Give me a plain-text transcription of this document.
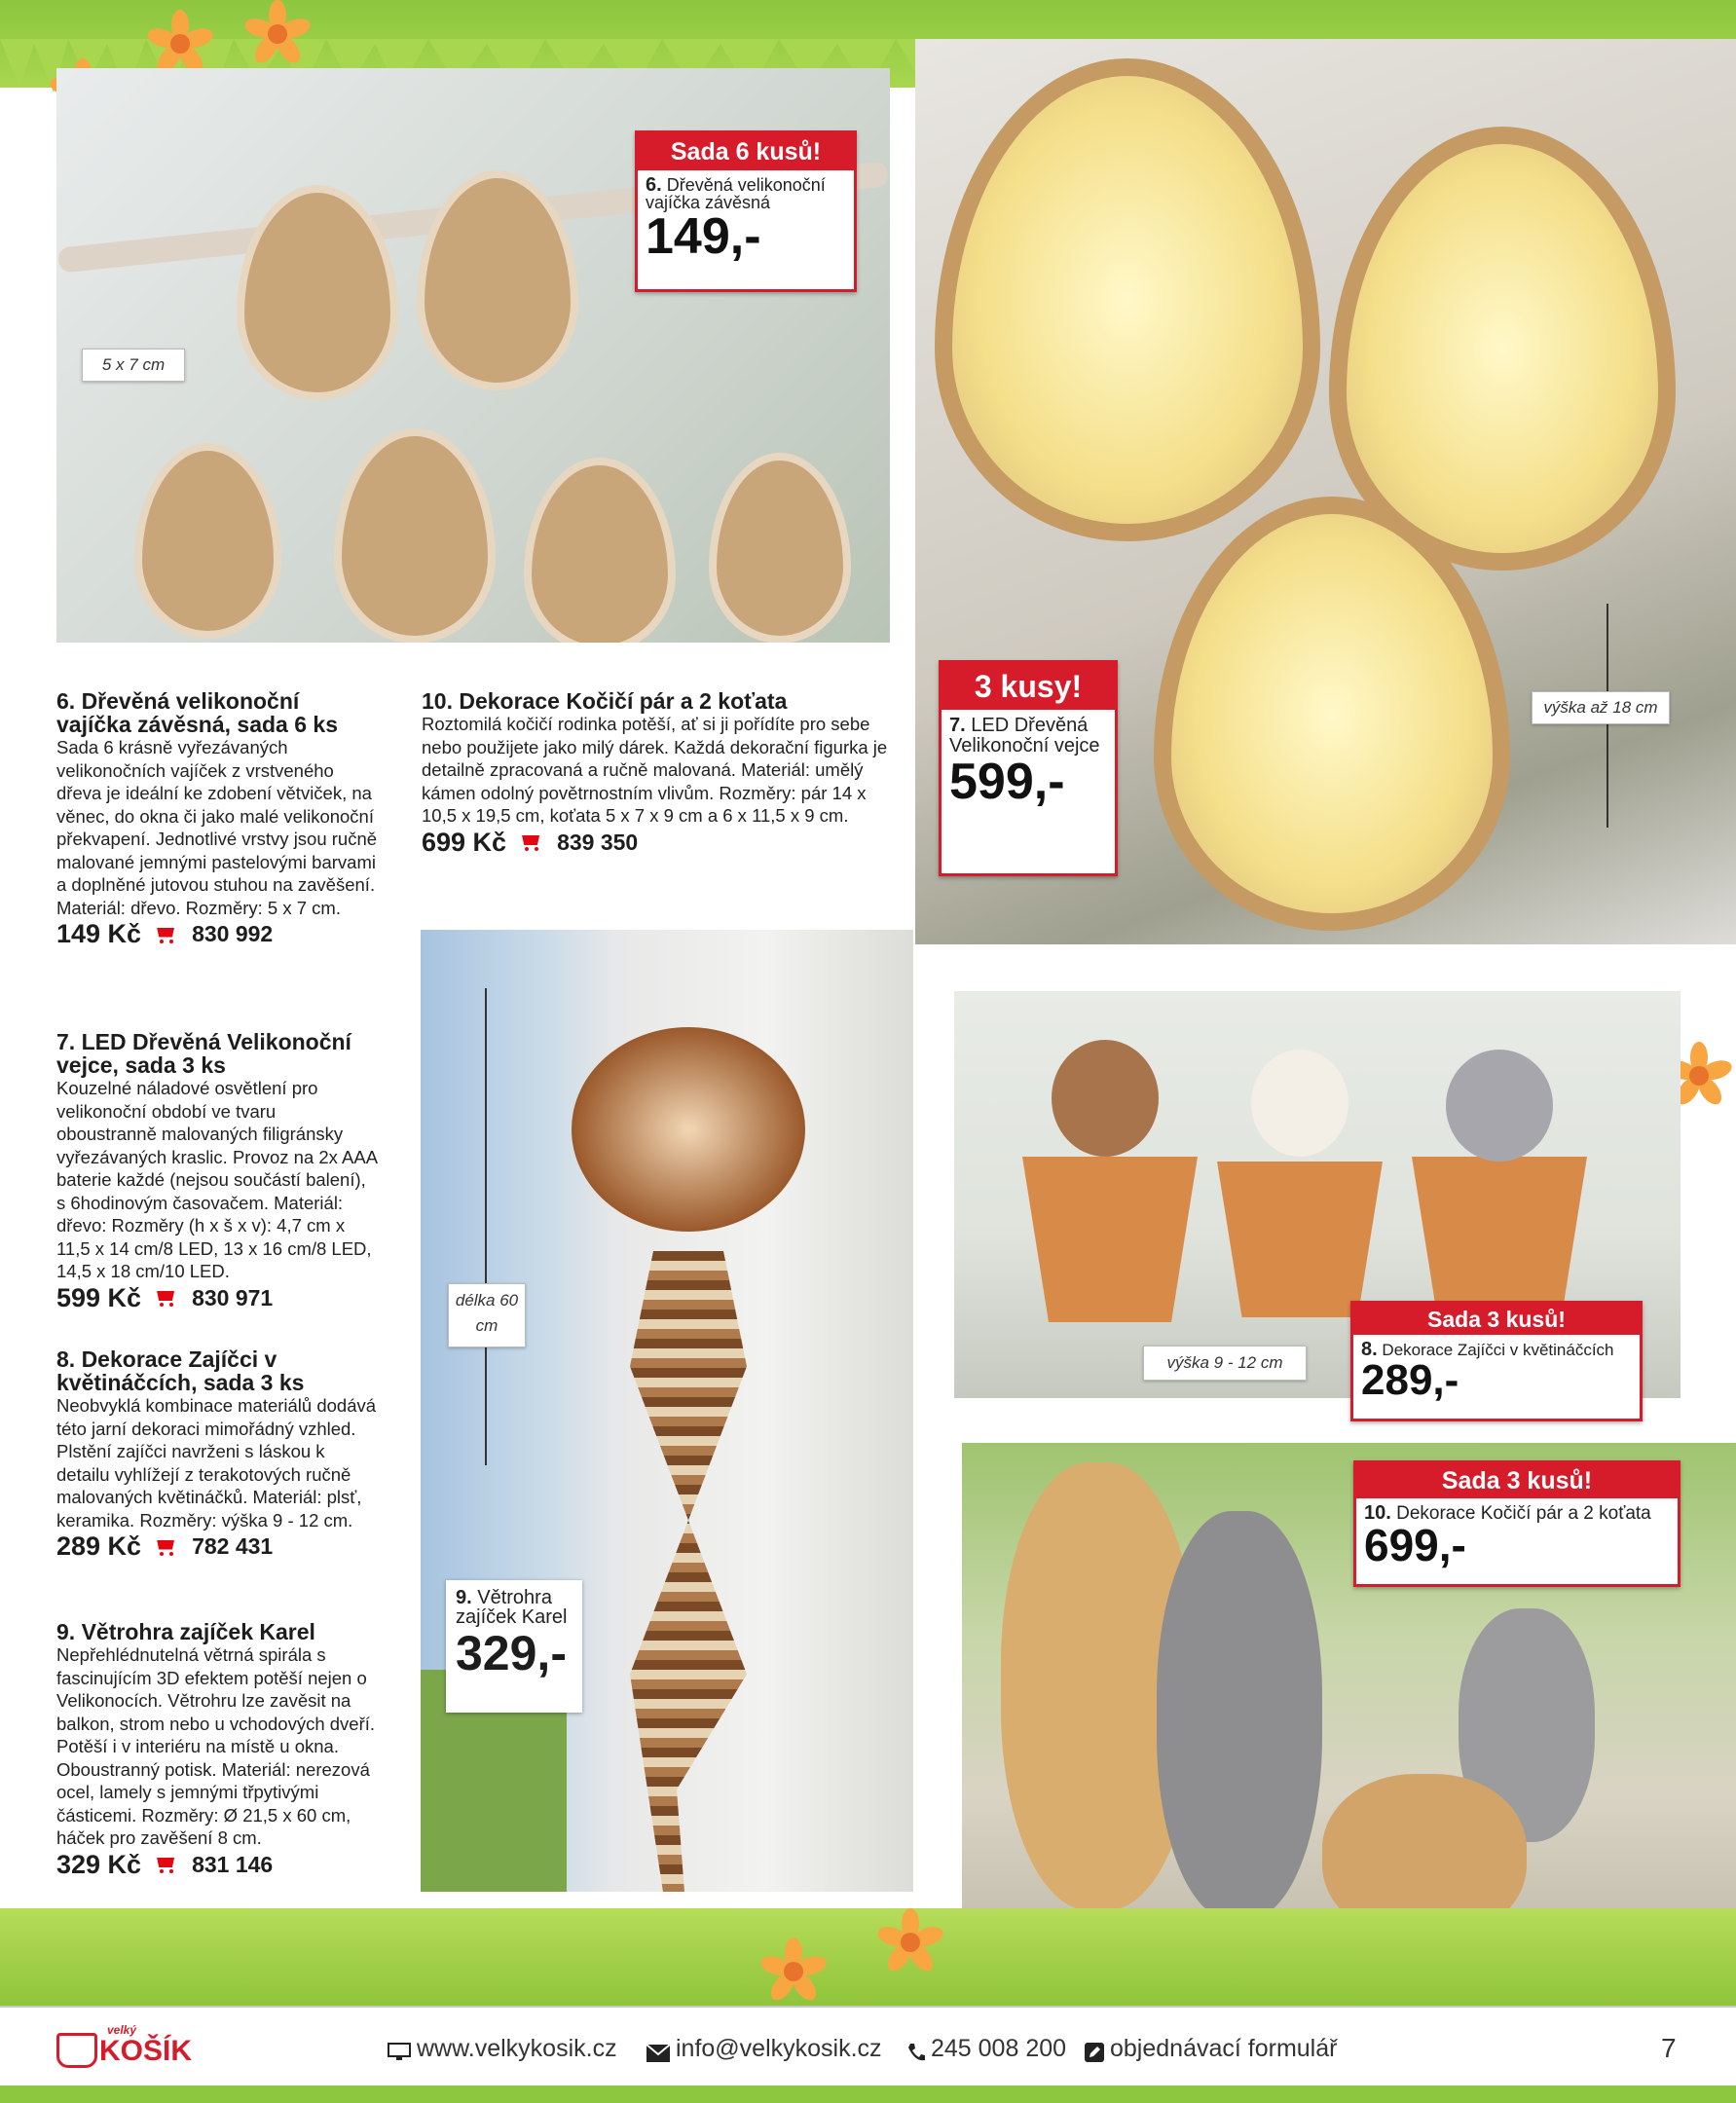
5 x 7 cm
Sada 6 kusů!
6. Dřevěná velikonoční vajíčka závěsná
149,-
výška až 18 cm
3 kusy!
7. LED Dřevěná Velikonoční vejce
599,-
délka 60 cm
9. Větrohra zajíček Karel
329,-
výška 9 - 12 cm
Sada 3 kusů!
8. Dekorace Zajíčci v květináčcích
289,-
Sada 3 kusů!
10. Dekorace Kočičí pár a 2 koťata
699,-
6. Dřevěná velikonoční vajíčka závěsná, sada 6 ks
Sada 6 krásně vyřezávaných velikonočních vajíček z vrstveného dřeva je ideální ke zdobení větviček, na věnec, do okna či jako malé velikonoční překvapení. Jednotlivé vrstvy jsou ručně malované jemnými pastelovými barvami a doplněné jutovou stuhou na zavěšení. Materiál: dřevo. Rozměry: 5 x 7 cm.
149 Kč 830 992
7. LED Dřevěná Velikonoční vejce, sada 3 ks
Kouzelné náladové osvětlení pro velikonoční období ve tvaru oboustranně malovaných filigránsky vyřezávaných kraslic. Provoz na 2x AAA baterie každé (nejsou součástí balení), s 6hodinovým časovačem. Materiál: dřevo: Rozměry (h x š x v): 4,7 cm x 11,5 x 14 cm/8 LED, 13 x 16 cm/8 LED, 14,5 x 18 cm/10 LED.
599 Kč 830 971
8. Dekorace Zajíčci v květináčcích, sada 3 ks
Neobvyklá kombinace materiálů dodává této jarní dekoraci mimořádný vzhled. Plstění zajíčci navrženi s láskou k detailu vyhlížejí z terakotových ručně malovaných květináčků. Materiál: plsť, keramika. Rozměry: výška 9 - 12 cm.
289 Kč 782 431
9. Větrohra zajíček Karel
Nepřehlédnutelná větrná spirála s fascinujícím 3D efektem potěší nejen o Velikonocích. Větrohru lze zavěsit na balkon, strom nebo u vchodových dveří. Potěší i v interiéru na místě u okna. Oboustranný potisk. Materiál: nerezová ocel, lamely s jemnými třpytivými částicemi. Rozměry: Ø 21,5 x 60 cm, háček pro zavěšení 8 cm.
329 Kč 831 146
10. Dekorace Kočičí pár a 2 koťata
Roztomilá kočičí rodinka potěší, ať si ji pořídíte pro sebe nebo použijete jako milý dárek. Každá dekorační figurka je detailně zpracovaná a ručně malovaná. Materiál: umělý kámen odolný povětrnostním vlivům. Rozměry: pár 14 x 10,5 x 19,5 cm, koťata 5 x 7 x 9 cm a 6 x 11,5 x 9 cm.
699 Kč 839 350
velký
KOŠÍK	www.velkykosik.cz info@velkykosik.cz 245 008 200 objednávací formulář	7
